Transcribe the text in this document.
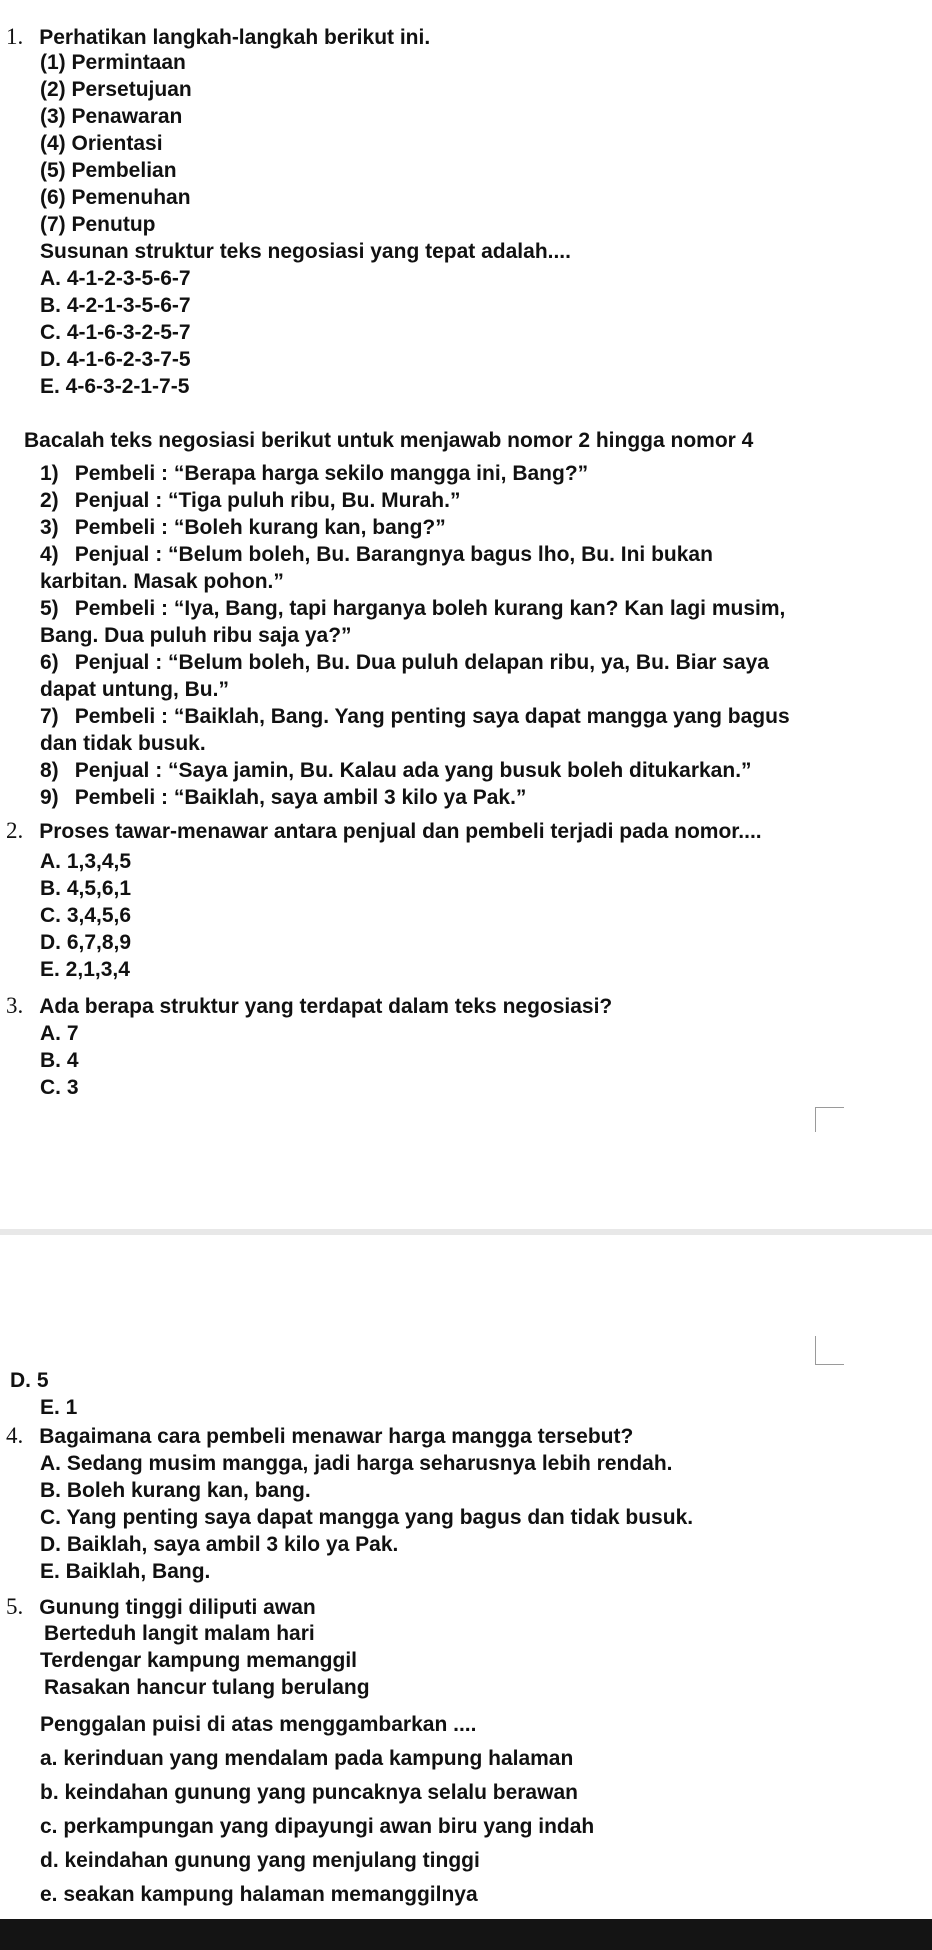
1. Perhatikan langkah-langkah berikut ini.
(1) Permintaan
(2) Persetujuan
(3) Penawaran
(4) Orientasi
(5) Pembelian
(6) Pemenuhan
(7) Penutup
Susunan struktur teks negosiasi yang tepat adalah....
A. 4-1-2-3-5-6-7
B. 4-2-1-3-5-6-7
C. 4-1-6-3-2-5-7
D. 4-1-6-2-3-7-5
E. 4-6-3-2-1-7-5
Bacalah teks negosiasi berikut untuk menjawab nomor 2 hingga nomor 4
1) Pembeli : “Berapa harga sekilo mangga ini, Bang?”
2) Penjual : “Tiga puluh ribu, Bu. Murah.”
3) Pembeli : “Boleh kurang kan, bang?”
4) Penjual : “Belum boleh, Bu. Barangnya bagus lho, Bu. Ini bukan
karbitan. Masak pohon.”
5) Pembeli : “Iya, Bang, tapi harganya boleh kurang kan? Kan lagi musim,
Bang. Dua puluh ribu saja ya?”
6) Penjual : “Belum boleh, Bu. Dua puluh delapan ribu, ya, Bu. Biar saya
dapat untung, Bu.”
7) Pembeli : “Baiklah, Bang. Yang penting saya dapat mangga yang bagus
dan tidak busuk.
8) Penjual : “Saya jamin, Bu. Kalau ada yang busuk boleh ditukarkan.”
9) Pembeli : “Baiklah, saya ambil 3 kilo ya Pak.”
2. Proses tawar-menawar antara penjual dan pembeli terjadi pada nomor....
A. 1,3,4,5
B. 4,5,6,1
C. 3,4,5,6
D. 6,7,8,9
E. 2,1,3,4
3. Ada berapa struktur yang terdapat dalam teks negosiasi?
A. 7
B. 4
C. 3
D. 5
E. 1
4. Bagaimana cara pembeli menawar harga mangga tersebut?
A. Sedang musim mangga, jadi harga seharusnya lebih rendah.
B. Boleh kurang kan, bang.
C. Yang penting saya dapat mangga yang bagus dan tidak busuk.
D. Baiklah, saya ambil 3 kilo ya Pak.
E. Baiklah, Bang.
5. Gunung tinggi diliputi awan
Berteduh langit malam hari
Terdengar kampung memanggil
Rasakan hancur tulang berulang
Penggalan puisi di atas menggambarkan ....
a. kerinduan yang mendalam pada kampung halaman
b. keindahan gunung yang puncaknya selalu berawan
c. perkampungan yang dipayungi awan biru yang indah
d. keindahan gunung yang menjulang tinggi
e. seakan kampung halaman memanggilnya
